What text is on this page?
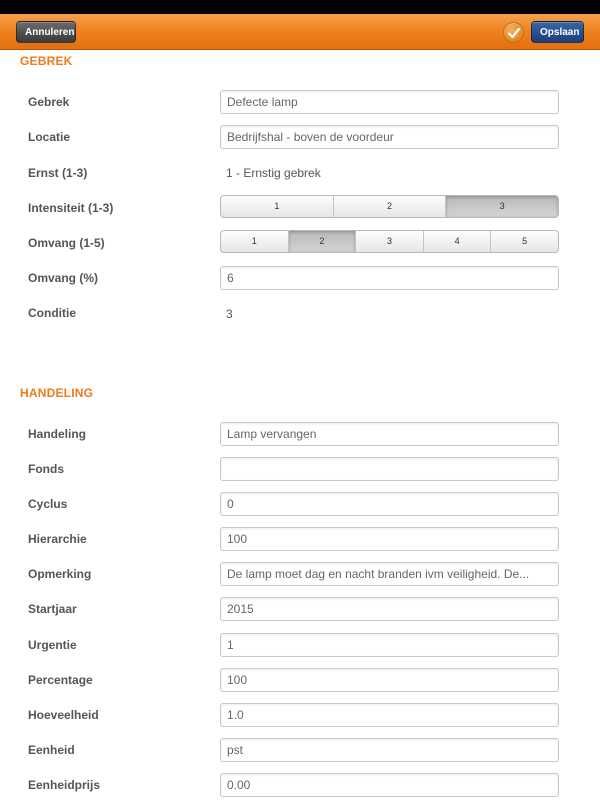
Annuleren	Opslaan
GEBREK
Gebrek	Defecte lamp
Locatie	Bedrijfshal - boven de voordeur
Ernst (1-3)	1 - Ernstig gebrek
Intensiteit (1-3)	1	2	3
Omvang (1-5)	1	2	3	4	5
Omvang (%)	6
Conditie	3
HANDELING
Handeling	Lamp vervangen
Fonds
Cyclus	0
Hierarchie	100
Opmerking	De lamp moet dag en nacht branden ivm veiligheid. De...
Startjaar	2015
Urgentie	1
Percentage	100
Hoeveelheid	1.0
Eenheid	pst
Eenheidprijs	0.00
